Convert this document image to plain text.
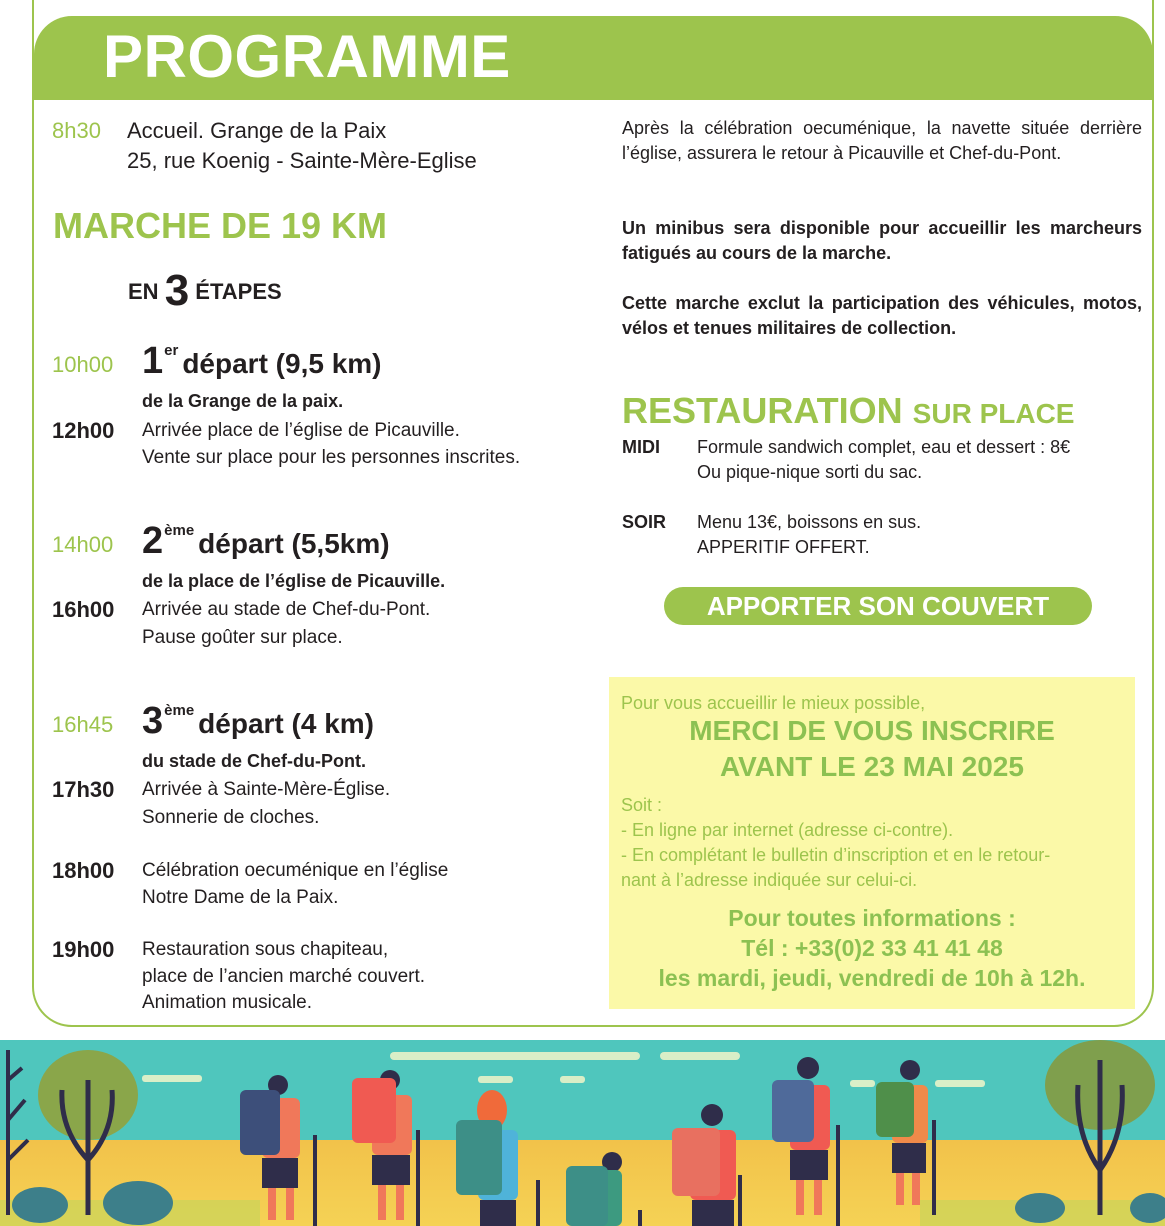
PROGRAMME
8h30 Accueil. Grange de la Paix
25, rue Koenig - Sainte-Mère-Eglise
MARCHE DE 19 KM
EN 3 ÉTAPES
10h00 1er départ (9,5 km)
de la Grange de la paix.
12h00 Arrivée place de l’église de Picauville.
Vente sur place pour les personnes inscrites.
14h00 2ème départ (5,5km)
de la place de l’église de Picauville.
16h00 Arrivée au stade de Chef-du-Pont.
Pause goûter sur place.
16h45 3ème départ (4 km)
du stade de Chef-du-Pont.
17h30 Arrivée à Sainte-Mère-Église.
Sonnerie de cloches.
18h00 Célébration oecuménique en l’église
Notre Dame de la Paix.
19h00 Restauration sous chapiteau,
place de l’ancien marché couvert.
Animation musicale.
Après la célébration oecuménique, la navette située derrière l’église, assurera le retour à Picauville et Chef-du-Pont.
Un minibus sera disponible pour accueillir les marcheurs fatigués au cours de la marche.
Cette marche exclut la participation des véhicules, motos, vélos et tenues militaires de collection.
RESTAURATION SUR PLACE
MIDI Formule sandwich complet, eau et dessert : 8€
Ou pique-nique sorti du sac.
SOIR Menu 13€, boissons en sus.
APPERITIF OFFERT.
APPORTER SON COUVERT
Pour vous accueillir le mieux possible,
MERCI DE VOUS INSCRIRE
AVANT LE 23 MAI 2025
Soit :
- En ligne par internet (adresse ci-contre).
- En complétant le bulletin d’inscription et en le retour-
nant à l’adresse indiquée sur celui-ci.
Pour toutes informations :
Tél : +33(0)2 33 41 41 48
les mardi, jeudi, vendredi de 10h à 12h.
